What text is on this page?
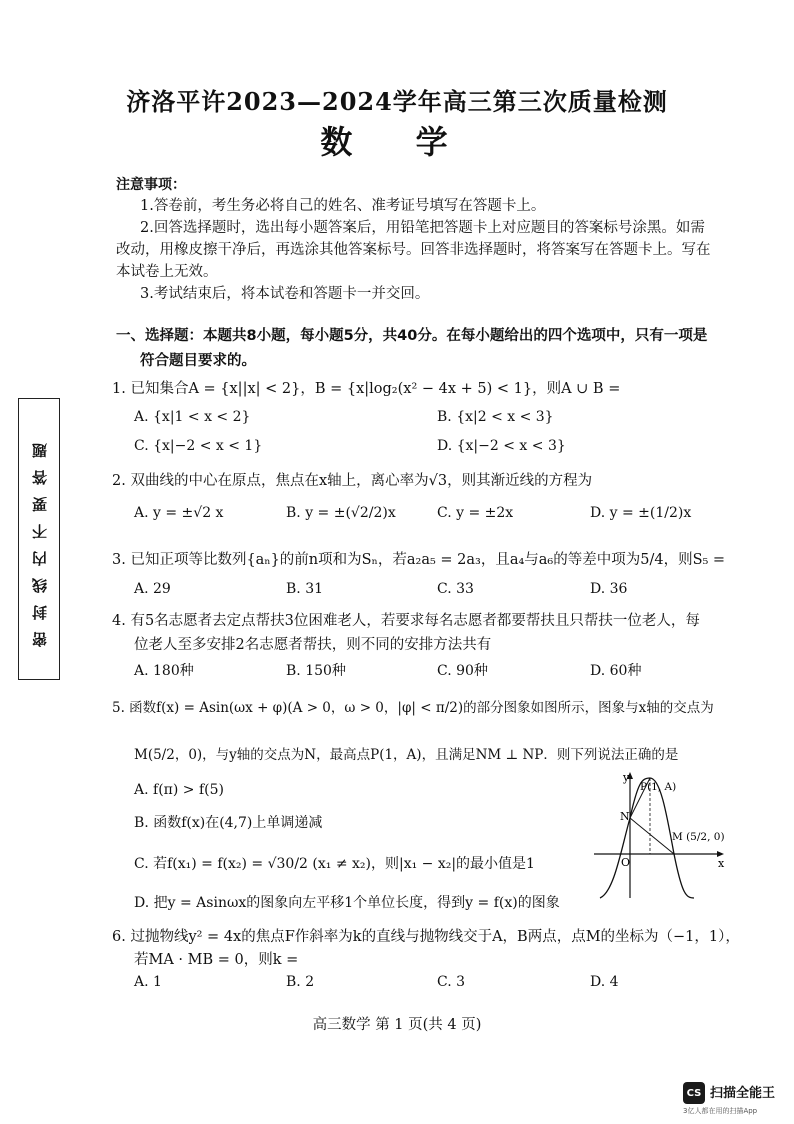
济洛平许2023—2024学年高三第三次质量检测
数 学
注意事项：
1.答卷前，考生务必将自己的姓名、准考证号填写在答题卡上。
2.回答选择题时，选出每小题答案后，用铅笔把答题卡上对应题目的答案标号涂黑。如需
改动，用橡皮擦干净后，再选涂其他答案标号。回答非选择题时，将答案写在答题卡上。写在
本试卷上无效。
3.考试结束后，将本试卷和答题卡一并交回。
一、选择题：本题共8小题，每小题5分，共40分。在每小题给出的四个选项中，只有一项是
符合题目要求的。
密封线内不要答题
1. 已知集合A = {x||x| < 2}，B = {x|log₂(x² − 4x + 5) < 1}，则A ∪ B =
A. {x|1 < x < 2}	B. {x|2 < x < 3}
C. {x|−2 < x < 1}	D. {x|−2 < x < 3}
2. 双曲线的中心在原点，焦点在x轴上，离心率为√3，则其渐近线的方程为
A. y = ±√2 x	B. y = ±(√2/2)x	C. y = ±2x	D. y = ±(1/2)x
3. 已知正项等比数列{aₙ}的前n项和为Sₙ，若a₂a₅ = 2a₃，且a₄与a₆的等差中项为5/4，则S₅ =
A. 29	B. 31	C. 33	D. 36
4. 有5名志愿者去定点帮扶3位困难老人，若要求每名志愿者都要帮扶且只帮扶一位老人，每
位老人至多安排2名志愿者帮扶，则不同的安排方法共有
A. 180种	B. 150种	C. 90种	D. 60种
5. 函数f(x) = Asin(ωx + φ)(A > 0，ω > 0，|φ| < π/2)的部分图象如图所示，图象与x轴的交点为
M(5/2，0)，与y轴的交点为N，最高点P(1，A)，且满足NM ⊥ NP．则下列说法正确的是
A. f(π) > f(5)
B. 函数f(x)在(4,7)上单调递减
C. 若f(x₁) = f(x₂) = √30/2 (x₁ ≠ x₂)，则|x₁ − x₂|的最小值是1
D. 把y = Asinωx的图象向左平移1个单位长度，得到y = f(x)的图象
y
P(1, A)
N
M (5/2, 0)
O	x
6. 过抛物线y² = 4x的焦点F作斜率为k的直线与抛物线交于A，B两点，点M的坐标为（−1，1），
若MA · MB = 0，则k =
A. 1	B. 2	C. 3	D. 4
高三数学 第 1 页(共 4 页)
CS 扫描全能王
3亿人都在用的扫描App
